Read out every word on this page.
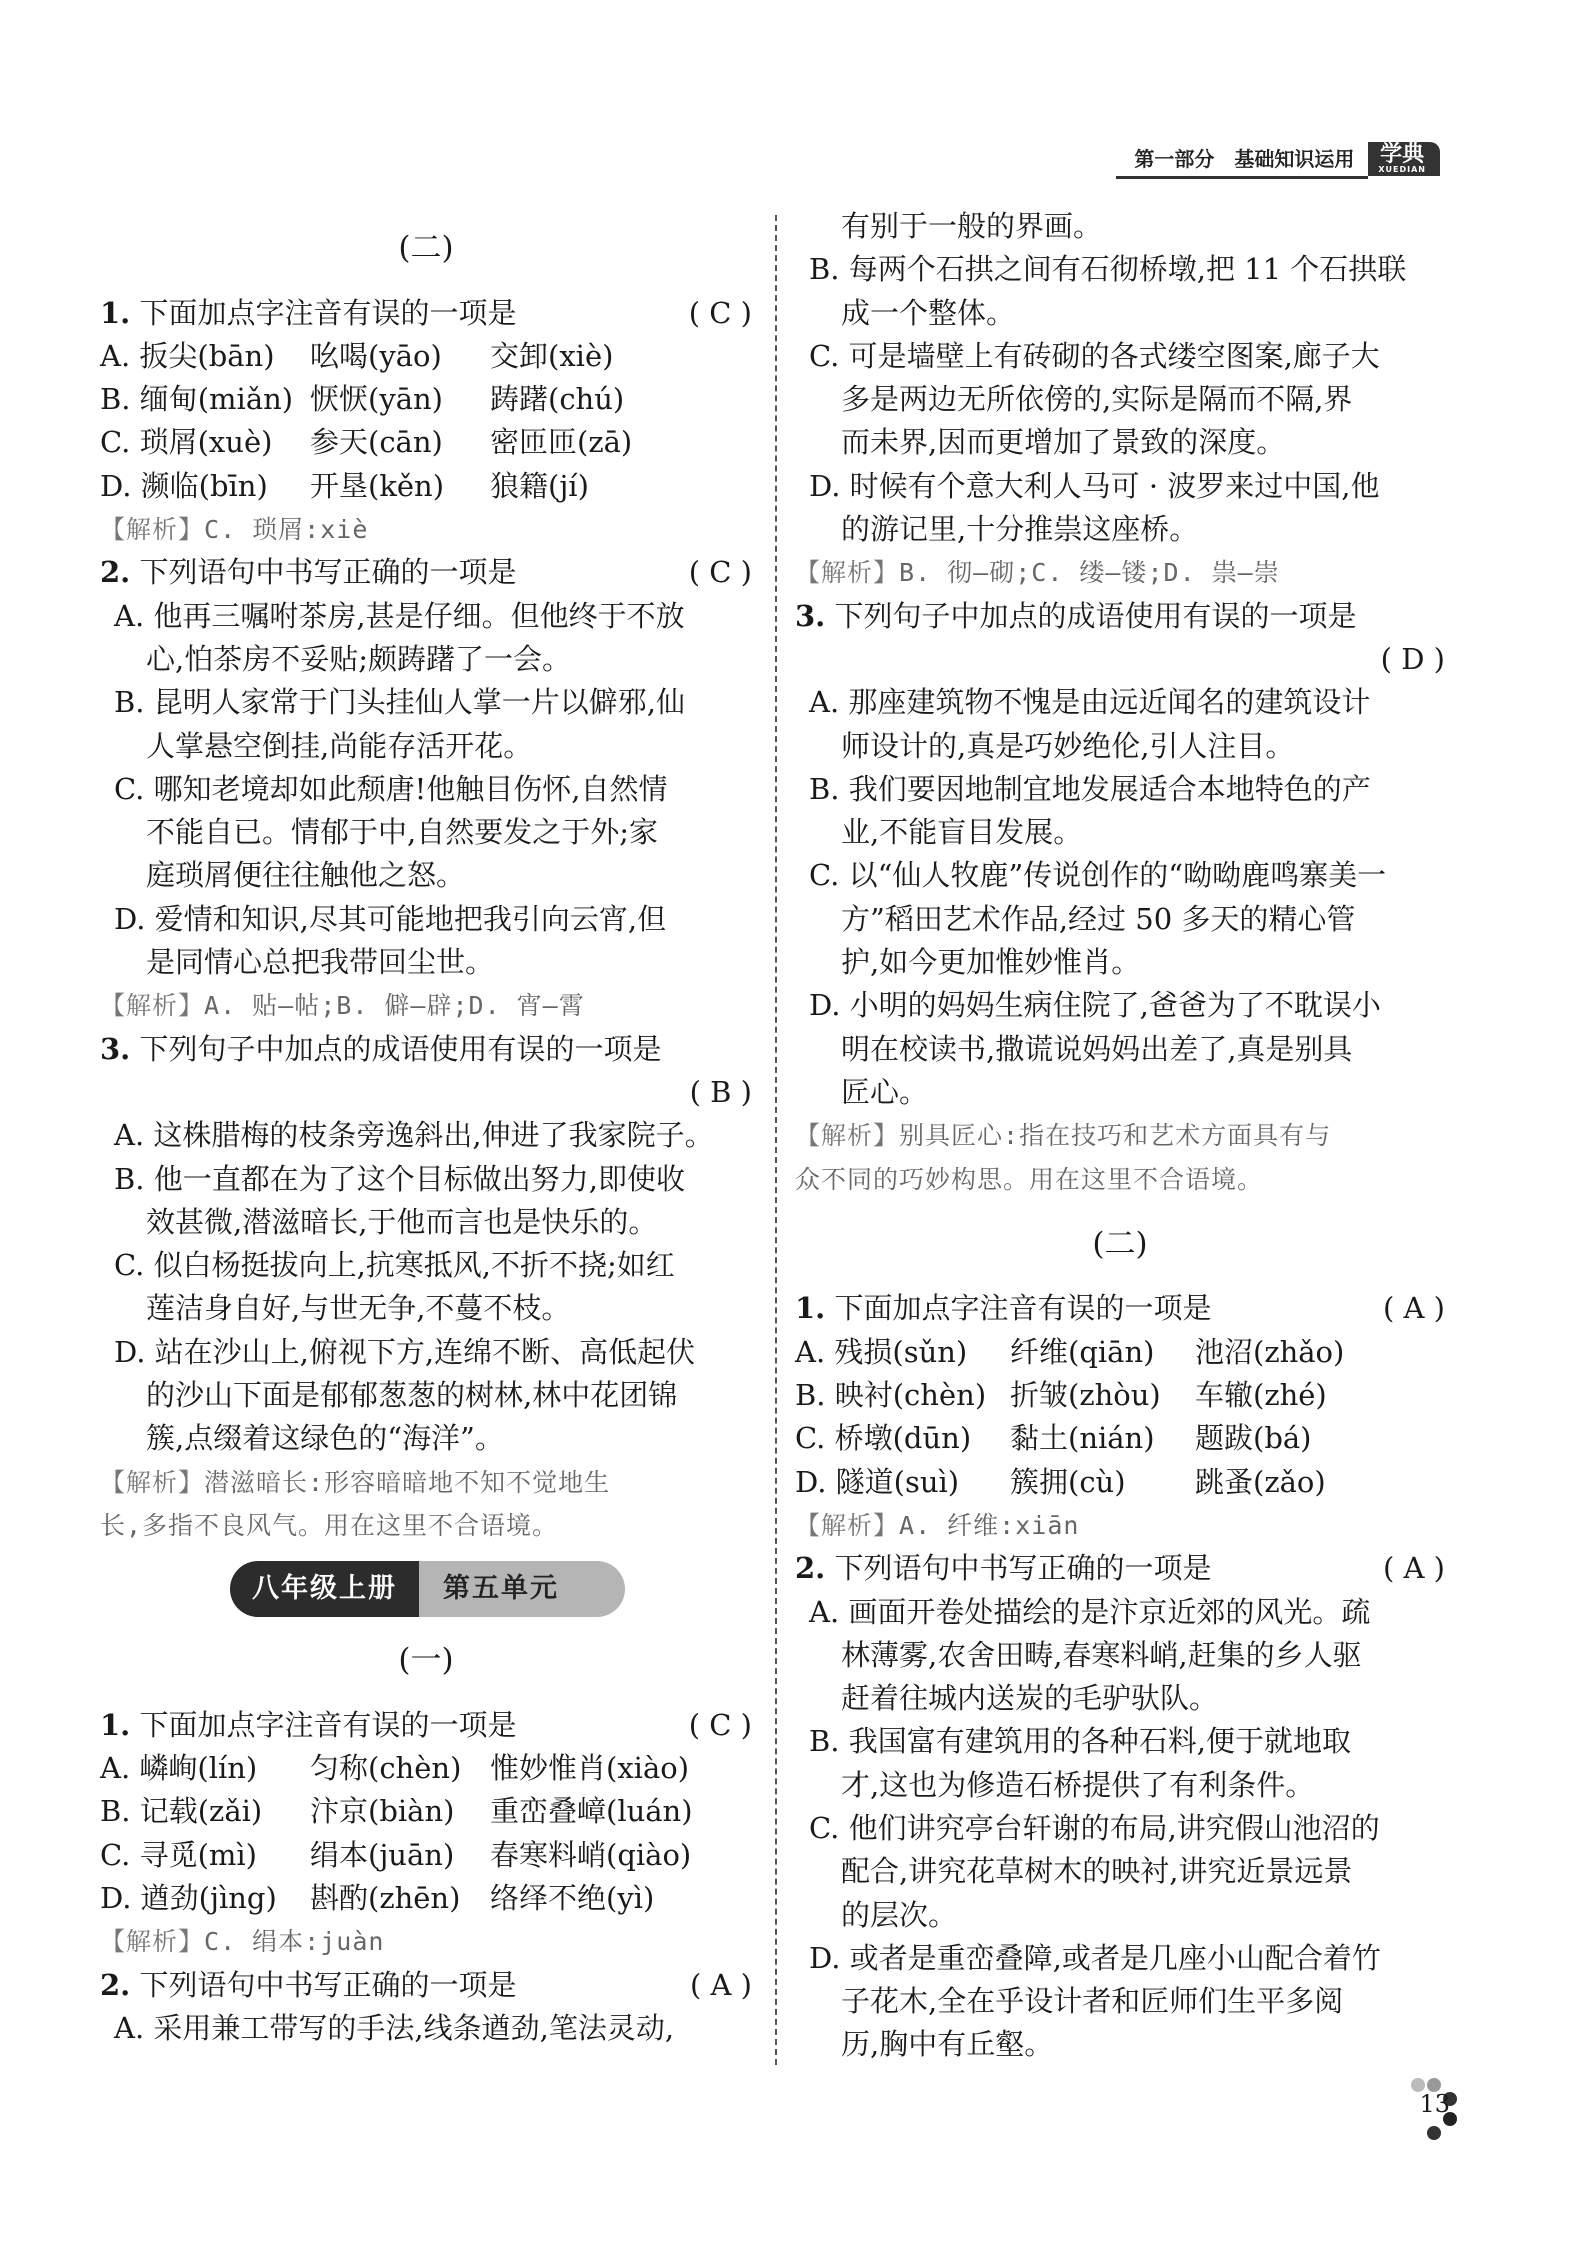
第一部分　基础知识运用	学典
XUEDIAN
(二)
1. 下面加点字注音有误的一项是	( C )
A. 扳尖(bān)	吆喝(yāo)	交卸(xiè)
B. 缅甸(miǎn) 恹恹(yān)	踌躇(chú)
C. 琐屑(xuè)	参天(cān)	密匝匝(zā)
D. 濒临(bīn)	开垦(kěn)	狼籍(jí)
【解析】C. 琐屑:xiè
2. 下列语句中书写正确的一项是	( C )
A. 他再三嘱咐茶房,甚是仔细。但他终于不放
心,怕茶房不妥贴;颇踌躇了一会。
B. 昆明人家常于门头挂仙人掌一片以僻邪,仙
人掌悬空倒挂,尚能存活开花。
C. 哪知老境却如此颓唐!他触目伤怀,自然情
不能自已。情郁于中,自然要发之于外;家
庭琐屑便往往触他之怒。
D. 爱情和知识,尽其可能地把我引向云宵,但
是同情心总把我带回尘世。
【解析】A. 贴—帖;B. 僻—辟;D. 宵—霄
3. 下列句子中加点的成语使用有误的一项是
( B )
A. 这株腊梅的枝条旁逸斜出,伸进了我家院子。
B. 他一直都在为了这个目标做出努力,即使收
效甚微,潜滋暗长,于他而言也是快乐的。
C. 似白杨挺拔向上,抗寒抵风,不折不挠;如红
莲洁身自好,与世无争,不蔓不枝。
D. 站在沙山上,俯视下方,连绵不断、高低起伏
的沙山下面是郁郁葱葱的树林,林中花团锦
簇,点缀着这绿色的“海洋”。
【解析】潜滋暗长:形容暗暗地不知不觉地生
长,多指不良风气。用在这里不合语境。
八年级上册	第五单元
(一)
1. 下面加点字注音有误的一项是	( C )
A. 嶙峋(lín)	匀称(chèn) 惟妙惟肖(xiào)
B. 记载(zǎi)	汴京(biàn)	重峦叠嶂(luán)
C. 寻觅(mì)	绢本(juān)	春寒料峭(qiào)
D. 遒劲(jìng)	斟酌(zhēn)	络绎不绝(yì)
【解析】C. 绢本:juàn
2. 下列语句中书写正确的一项是	( A )
A. 采用兼工带写的手法,线条遒劲,笔法灵动,
有别于一般的界画。
B. 每两个石拱之间有石彻桥墩,把 11 个石拱联
成一个整体。
C. 可是墙壁上有砖砌的各式缕空图案,廊子大
多是两边无所依傍的,实际是隔而不隔,界
而未界,因而更增加了景致的深度。
D. 时候有个意大利人马可 · 波罗来过中国,他
的游记里,十分推祟这座桥。
【解析】B. 彻—砌;C. 缕—镂;D. 祟—崇
3. 下列句子中加点的成语使用有误的一项是
( D )
A. 那座建筑物不愧是由远近闻名的建筑设计
师设计的,真是巧妙绝伦,引人注目。
B. 我们要因地制宜地发展适合本地特色的产
业,不能盲目发展。
C. 以“仙人牧鹿”传说创作的“呦呦鹿鸣寨美一
方”稻田艺术作品,经过 50 多天的精心管
护,如今更加惟妙惟肖。
D. 小明的妈妈生病住院了,爸爸为了不耽误小
明在校读书,撒谎说妈妈出差了,真是别具
匠心。
【解析】别具匠心:指在技巧和艺术方面具有与
众不同的巧妙构思。用在这里不合语境。
(二)
1. 下面加点字注音有误的一项是	( A )
A. 残损(sǔn)	纤维(qiān)	池沼(zhǎo)
B. 映衬(chèn) 折皱(zhòu)	车辙(zhé)
C. 桥墩(dūn)	黏土(nián)	题跋(bá)
D. 隧道(suì)	簇拥(cù)	跳蚤(zǎo)
【解析】A. 纤维:xiān
2. 下列语句中书写正确的一项是	( A )
A. 画面开卷处描绘的是汴京近郊的风光。疏
林薄雾,农舍田畴,春寒料峭,赶集的乡人驱
赶着往城内送炭的毛驴驮队。
B. 我国富有建筑用的各种石料,便于就地取
才,这也为修造石桥提供了有利条件。
C. 他们讲究亭台轩谢的布局,讲究假山池沼的
配合,讲究花草树木的映衬,讲究近景远景
的层次。
D. 或者是重峦叠障,或者是几座小山配合着竹
子花木,全在乎设计者和匠师们生平多阅
历,胸中有丘壑。
13
